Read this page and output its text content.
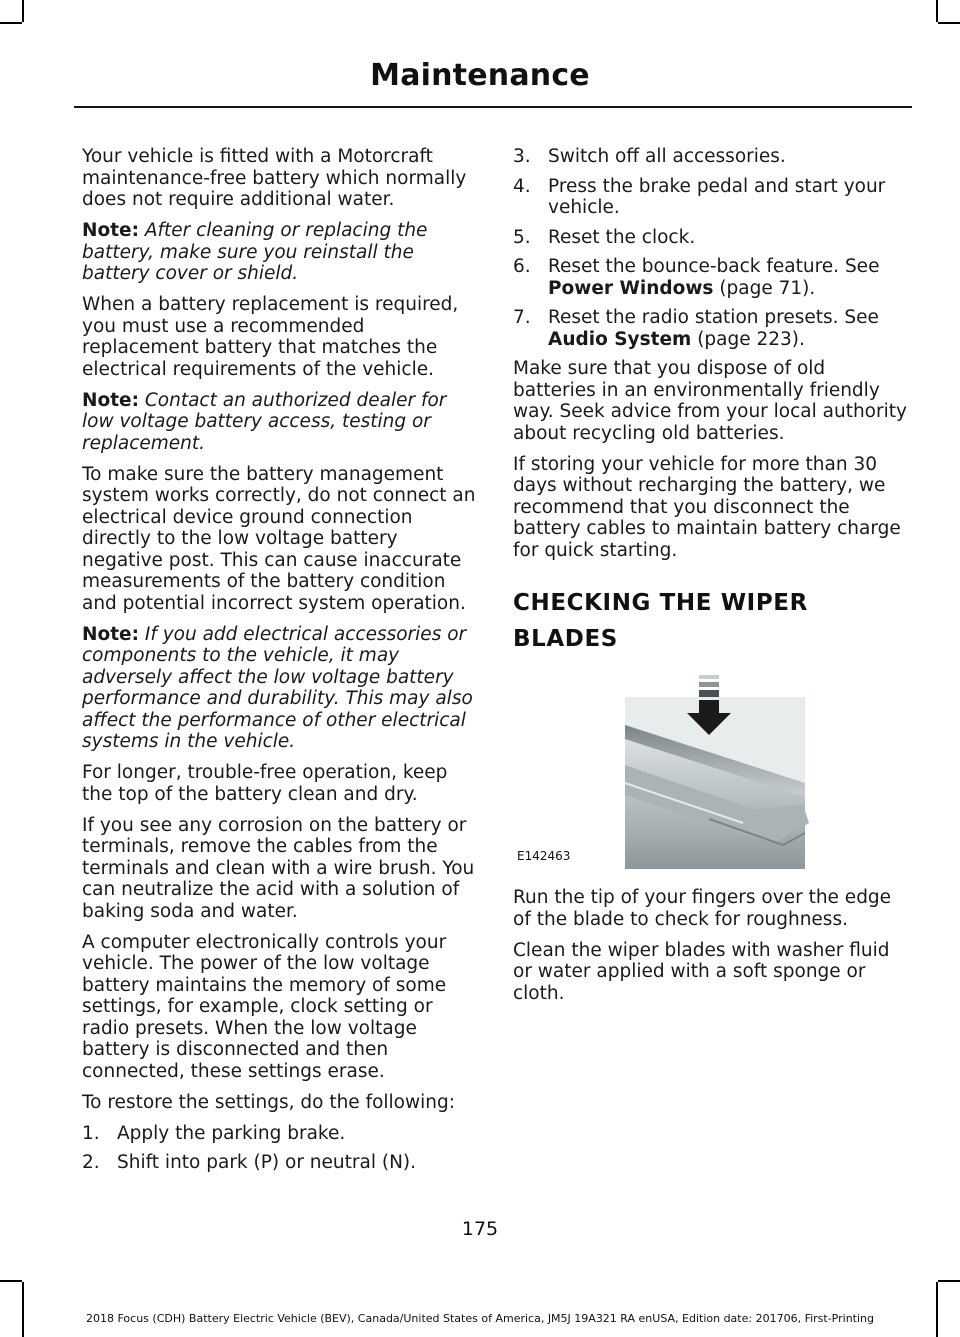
Maintenance

Your vehicle is fitted with a Motorcraft maintenance-free battery which normally does not require additional water.

Note: After cleaning or replacing the battery, make sure you reinstall the battery cover or shield.

When a battery replacement is required, you must use a recommended replacement battery that matches the electrical requirements of the vehicle.

Note: Contact an authorized dealer for low voltage battery access, testing or replacement.

To make sure the battery management system works correctly, do not connect an electrical device ground connection directly to the low voltage battery negative post. This can cause inaccurate measurements of the battery condition and potential incorrect system operation.

Note: If you add electrical accessories or components to the vehicle, it may adversely affect the low voltage battery performance and durability. This may also affect the performance of other electrical systems in the vehicle.

For longer, trouble-free operation, keep the top of the battery clean and dry.

If you see any corrosion on the battery or terminals, remove the cables from the terminals and clean with a wire brush. You can neutralize the acid with a solution of baking soda and water.

A computer electronically controls your vehicle. The power of the low voltage battery maintains the memory of some settings, for example, clock setting or radio presets. When the low voltage battery is disconnected and then connected, these settings erase.

To restore the settings, do the following:

1. Apply the parking brake.
2. Shift into park (P) or neutral (N).
3. Switch off all accessories.
4. Press the brake pedal and start your vehicle.
5. Reset the clock.
6. Reset the bounce-back feature. See Power Windows (page 71).
7. Reset the radio station presets. See Audio System (page 223).

Make sure that you dispose of old batteries in an environmentally friendly way. Seek advice from your local authority about recycling old batteries.

If storing your vehicle for more than 30 days without recharging the battery, we recommend that you disconnect the battery cables to maintain battery charge for quick starting.

CHECKING THE WIPER
BLADES
E142463

Run the tip of your fingers over the edge of the blade to check for roughness.

Clean the wiper blades with washer fluid or water applied with a soft sponge or cloth.

175
2018 Focus (CDH) Battery Electric Vehicle (BEV), Canada/United States of America, JM5J 19A321 RA enUSA, Edition date: 201706, First-Printing
